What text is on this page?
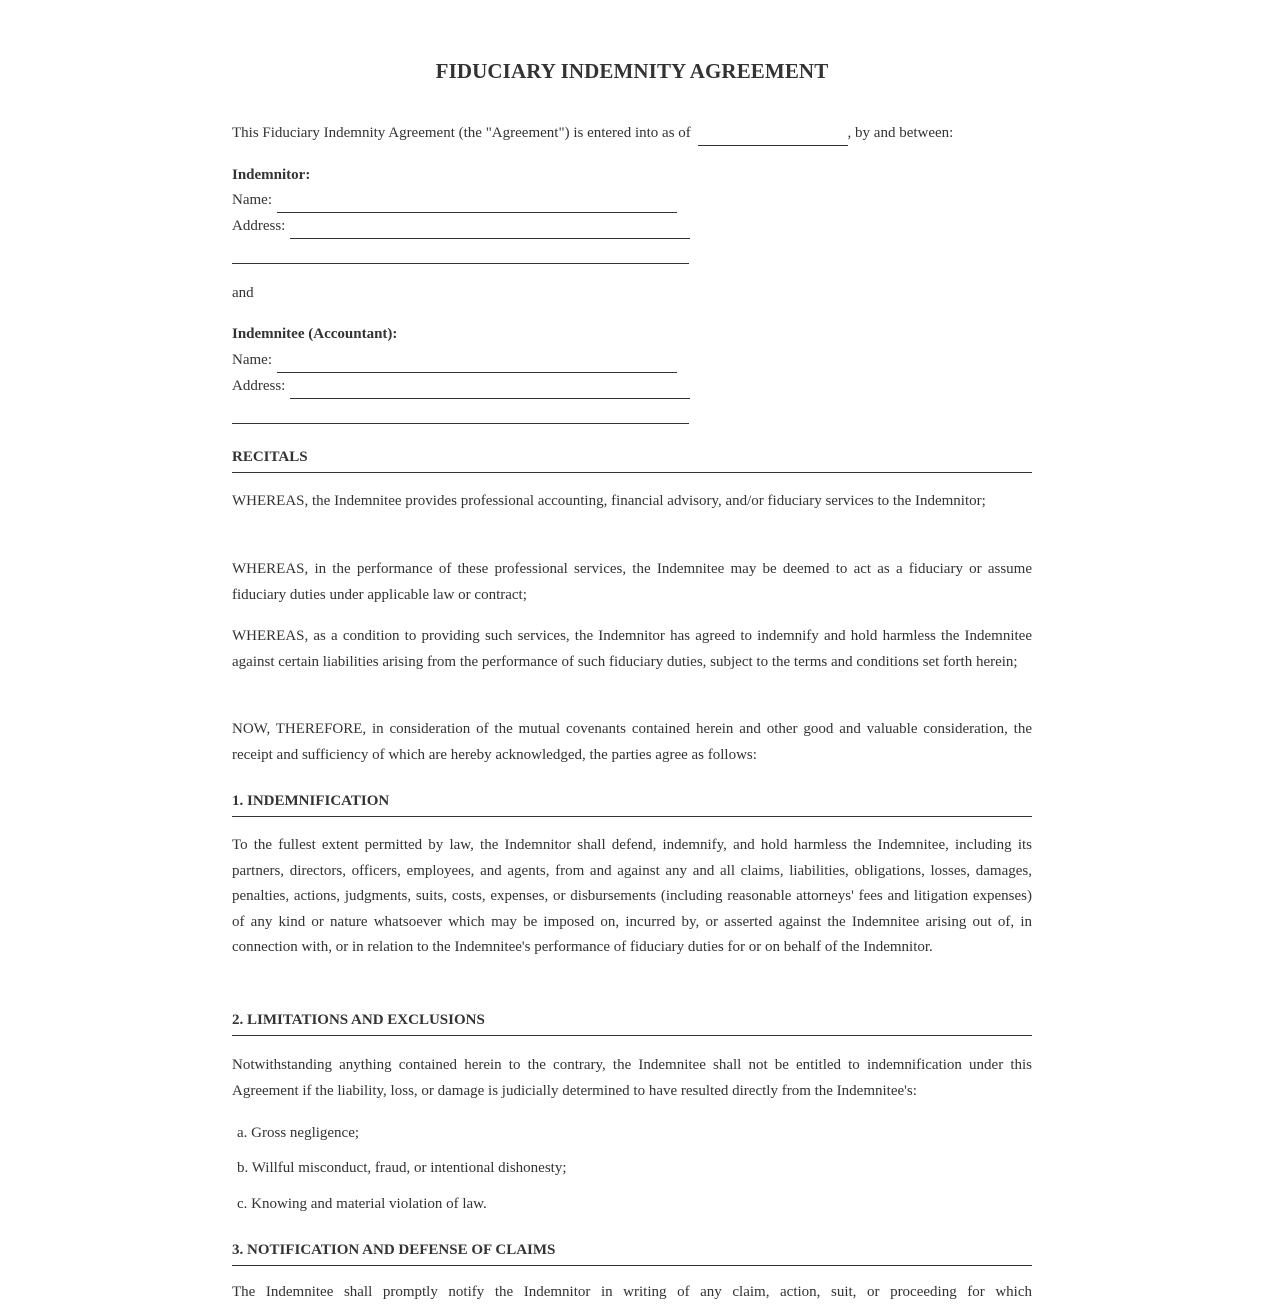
FIDUCIARY INDEMNITY AGREEMENT
This Fiduciary Indemnity Agreement (the "Agreement") is entered into as of	, by and between:
Indemnitor:
Name:
Address:
and
Indemnitee (Accountant):
Name:
Address:
RECITALS
WHEREAS, the Indemnitee provides professional accounting, financial advisory, and/or fiduciary services to the Indemnitor;
WHEREAS, in the performance of these professional services, the Indemnitee may be deemed to act as a fiduciary or assume fiduciary duties under applicable law or contract;
WHEREAS, as a condition to providing such services, the Indemnitor has agreed to indemnify and hold harmless the Indemnitee against certain liabilities arising from the performance of such fiduciary duties, subject to the terms and conditions set forth herein;
NOW, THEREFORE, in consideration of the mutual covenants contained herein and other good and valuable consideration, the receipt and sufficiency of which are hereby acknowledged, the parties agree as follows:
1. INDEMNIFICATION
To the fullest extent permitted by law, the Indemnitor shall defend, indemnify, and hold harmless the Indemnitee, including its partners, directors, officers, employees, and agents, from and against any and all claims, liabilities, obligations, losses, damages, penalties, actions, judgments, suits, costs, expenses, or disbursements (including reasonable attorneys' fees and litigation expenses) of any kind or nature whatsoever which may be imposed on, incurred by, or asserted against the Indemnitee arising out of, in connection with, or in relation to the Indemnitee's performance of fiduciary duties for or on behalf of the Indemnitor.
2. LIMITATIONS AND EXCLUSIONS
Notwithstanding anything contained herein to the contrary, the Indemnitee shall not be entitled to indemnification under this Agreement if the liability, loss, or damage is judicially determined to have resulted directly from the Indemnitee's:
a. Gross negligence;
b. Willful misconduct, fraud, or intentional dishonesty;
c. Knowing and material violation of law.
3. NOTIFICATION AND DEFENSE OF CLAIMS
The Indemnitee shall promptly notify the Indemnitor in writing of any claim, action, suit, or proceeding for which
